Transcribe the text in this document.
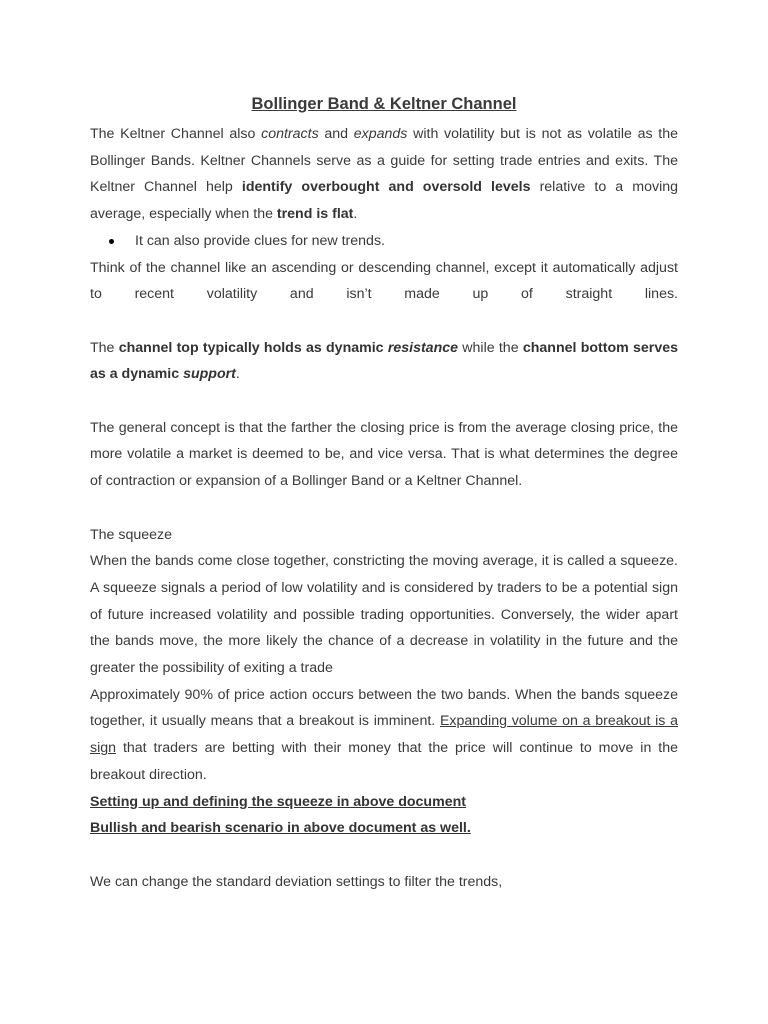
Bollinger Band & Keltner Channel

The Keltner Channel also contracts and expands with volatility but is not as volatile as the Bollinger Bands. Keltner Channels serve as a guide for setting trade entries and exits. The Keltner Channel help identify overbought and oversold levels relative to a moving average, especially when the trend is flat.

It can also provide clues for new trends.

Think of the channel like an ascending or descending channel, except it automatically adjust to recent volatility and isn’t made up of straight lines.

The channel top typically holds as dynamic resistance while the channel bottom serves as a dynamic support.

The general concept is that the farther the closing price is from the average closing price, the more volatile a market is deemed to be, and vice versa. That is what determines the degree of contraction or expansion of a Bollinger Band or a Keltner Channel.

The squeeze

When the bands come close together, constricting the moving average, it is called a squeeze. A squeeze signals a period of low volatility and is considered by traders to be a potential sign of future increased volatility and possible trading opportunities. Conversely, the wider apart the bands move, the more likely the chance of a decrease in volatility in the future and the greater the possibility of exiting a trade

Approximately 90% of price action occurs between the two bands. When the bands squeeze together, it usually means that a breakout is imminent. Expanding volume on a breakout is a sign that traders are betting with their money that the price will continue to move in the breakout direction.

Setting up and defining the squeeze in above document

Bullish and bearish scenario in above document as well.

We can change the standard deviation settings to filter the trends,
